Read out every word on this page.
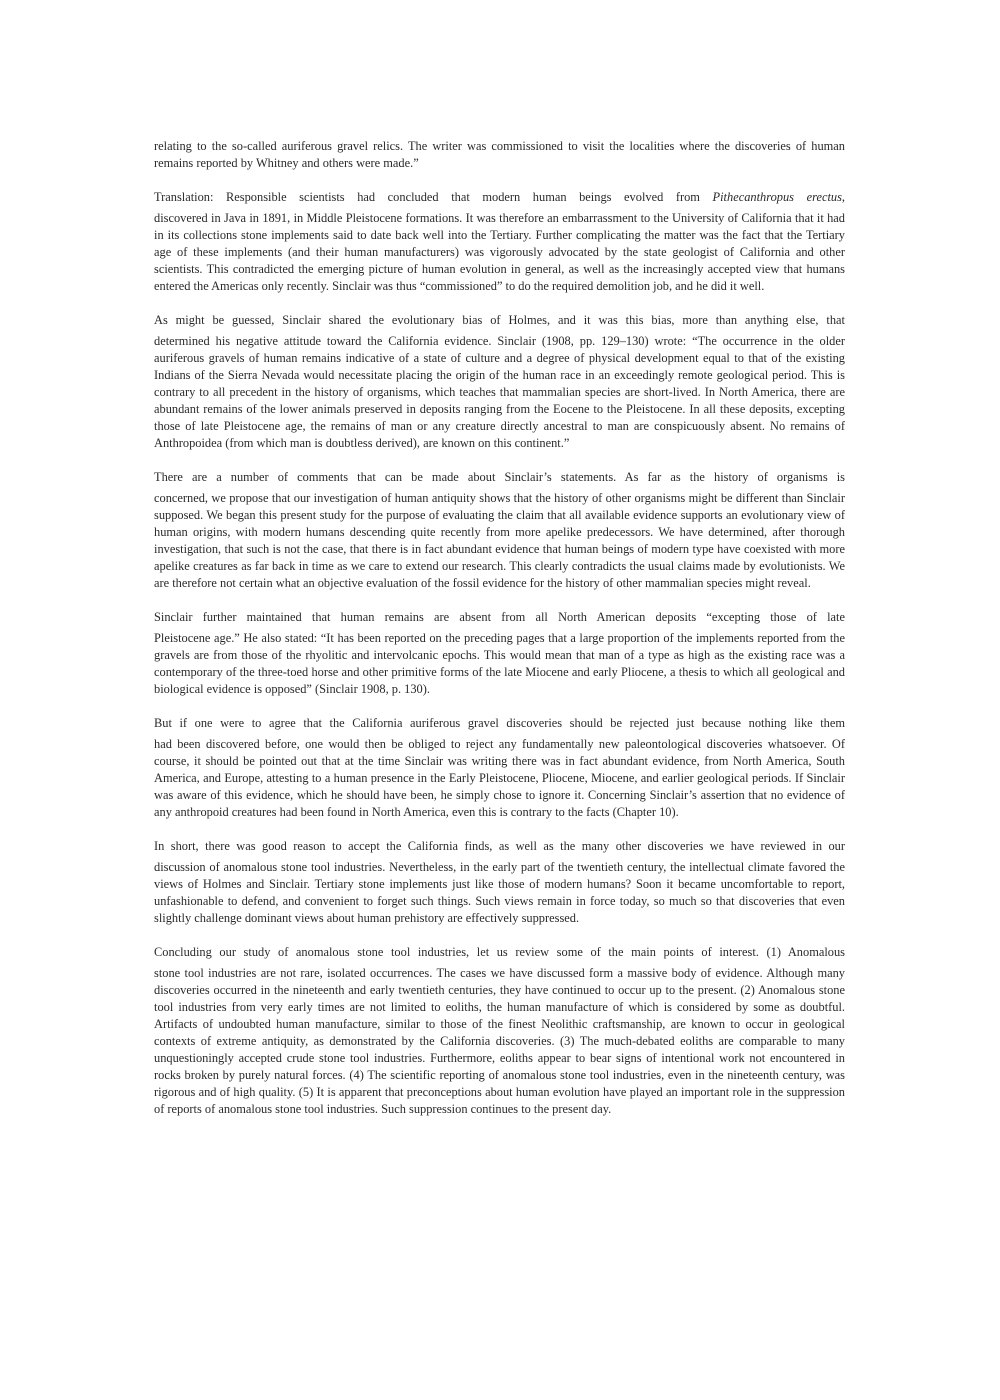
relating to the so-called auriferous gravel relics. The writer was commissioned to visit the localities where the discoveries of human remains reported by Whitney and others were made.”

Translation: Responsible scientists had concluded that modern human beings evolved from Pithecanthropus erectus,
discovered in Java in 1891, in Middle Pleistocene formations. It was therefore an embarrassment to the University of California that it had in its collections stone implements said to date back well into the Tertiary. Further complicating the matter was the fact that the Tertiary age of these implements (and their human manufacturers) was vigorously advocated by the state geologist of California and other scientists. This contradicted the emerging picture of human evolution in general, as well as the increasingly accepted view that humans entered the Americas only recently. Sinclair was thus “commissioned” to do the required demolition job, and he did it well.

As might be guessed, Sinclair shared the evolutionary bias of Holmes, and it was this bias, more than anything else, that
determined his negative attitude toward the California evidence. Sinclair (1908, pp. 129–130) wrote: “The occurrence in the older auriferous gravels of human remains indicative of a state of culture and a degree of physical development equal to that of the existing Indians of the Sierra Nevada would necessitate placing the origin of the human race in an exceedingly remote geological period. This is contrary to all precedent in the history of organisms, which teaches that mammalian species are short-lived. In North America, there are abundant remains of the lower animals preserved in deposits ranging from the Eocene to the Pleistocene. In all these deposits, excepting those of late Pleistocene age, the remains of man or any creature directly ancestral to man are conspicuously absent. No remains of Anthropoidea (from which man is doubtless derived), are known on this continent.”

There are a number of comments that can be made about Sinclair’s statements. As far as the history of organisms is
concerned, we propose that our investigation of human antiquity shows that the history of other organisms might be different than Sinclair supposed. We began this present study for the purpose of evaluating the claim that all available evidence supports an evolutionary view of human origins, with modern humans descending quite recently from more apelike predecessors. We have determined, after thorough investigation, that such is not the case, that there is in fact abundant evidence that human beings of modern type have coexisted with more apelike creatures as far back in time as we care to extend our research. This clearly contradicts the usual claims made by evolutionists. We are therefore not certain what an objective evaluation of the fossil evidence for the history of other mammalian species might reveal.

Sinclair further maintained that human remains are absent from all North American deposits “excepting those of late
Pleistocene age.” He also stated: “It has been reported on the preceding pages that a large proportion of the implements reported from the gravels are from those of the rhyolitic and intervolcanic epochs. This would mean that man of a type as high as the existing race was a contemporary of the three-toed horse and other primitive forms of the late Miocene and early Pliocene, a thesis to which all geological and biological evidence is opposed” (Sinclair 1908, p. 130).

But if one were to agree that the California auriferous gravel discoveries should be rejected just because nothing like them
had been discovered before, one would then be obliged to reject any fundamentally new paleontological discoveries whatsoever. Of course, it should be pointed out that at the time Sinclair was writing there was in fact abundant evidence, from North America, South America, and Europe, attesting to a human presence in the Early Pleistocene, Pliocene, Miocene, and earlier geological periods. If Sinclair was aware of this evidence, which he should have been, he simply chose to ignore it. Concerning Sinclair’s assertion that no evidence of any anthropoid creatures had been found in North America, even this is contrary to the facts (Chapter 10).

In short, there was good reason to accept the California finds, as well as the many other discoveries we have reviewed in our
discussion of anomalous stone tool industries. Nevertheless, in the early part of the twentieth century, the intellectual climate favored the views of Holmes and Sinclair. Tertiary stone implements just like those of modern humans? Soon it became uncomfortable to report, unfashionable to defend, and convenient to forget such things. Such views remain in force today, so much so that discoveries that even slightly challenge dominant views about human prehistory are effectively suppressed.

Concluding our study of anomalous stone tool industries, let us review some of the main points of interest. (1) Anomalous
stone tool industries are not rare, isolated occurrences. The cases we have discussed form a massive body of evidence. Although many discoveries occurred in the nineteenth and early twentieth centuries, they have continued to occur up to the present. (2) Anomalous stone tool industries from very early times are not limited to eoliths, the human manufacture of which is considered by some as doubtful. Artifacts of undoubted human manufacture, similar to those of the finest Neolithic craftsmanship, are known to occur in geological contexts of extreme antiquity, as demonstrated by the California discoveries. (3) The much-debated eoliths are comparable to many unquestioningly accepted crude stone tool industries. Furthermore, eoliths appear to bear signs of intentional work not encountered in rocks broken by purely natural forces. (4) The scientific reporting of anomalous stone tool industries, even in the nineteenth century, was rigorous and of high quality. (5) It is apparent that preconceptions about human evolution have played an important role in the suppression of reports of anomalous stone tool industries. Such suppression continues to the present day.
